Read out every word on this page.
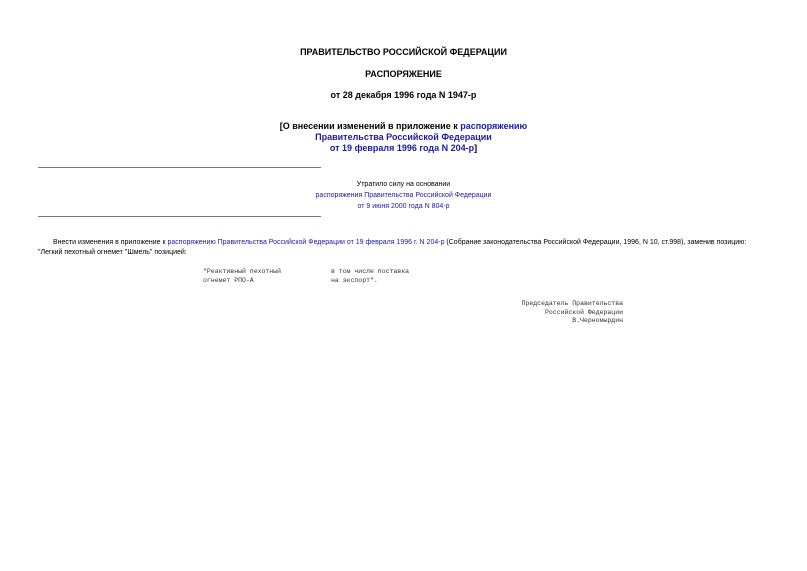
ПРАВИТЕЛЬСТВО РОССИЙСКОЙ ФЕДЕРАЦИИ
РАСПОРЯЖЕНИЕ
от 28 декабря 1996 года N 1947-р
[О внесении изменений в приложение к распоряжению
Правительства Российской Федерации
от 19 февраля 1996 года N 204-р]
Утратило силу на основании
распоряжения Правительства Российской Федерации
от 9 июня 2000 года N 804-р
Внести изменения в приложение к распоряжению Правительства Российской Федерации от 19 февраля 1996 г. N 204-р (Собрание законодательства Российской Федерации, 1996, N 10, ст.998), заменив позицию: "Легкий пехотный огнемет "Шмель" позицией:
"Реактивный пехотный
огнемет РПО-А
в том числе поставка
на экспорт".
Председатель Правительства
Российской Федерации
В.Черномырдин
